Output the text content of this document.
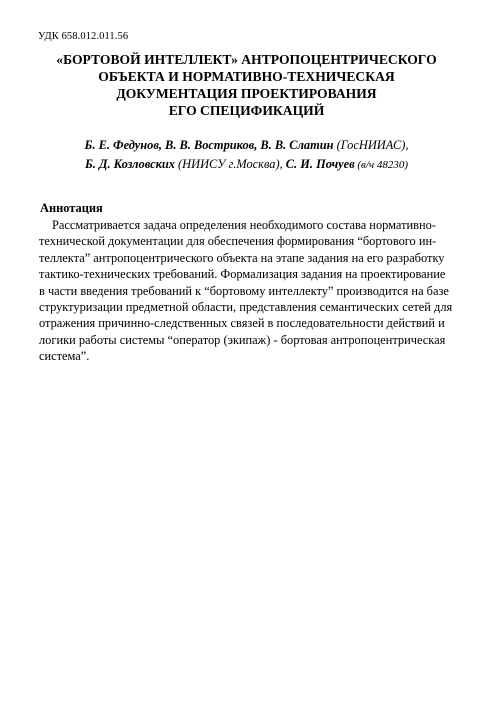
УДК 658.012.011.56
«БОРТОВОЙ ИНТЕЛЛЕКТ» АНТРОПОЦЕНТРИЧЕСКОГО
ОБЪЕКТА И НОРМАТИВНО-ТЕХНИЧЕСКАЯ
ДОКУМЕНТАЦИЯ ПРОЕКТИРОВАНИЯ
ЕГО СПЕЦИФИКАЦИЙ
Б. Е. Федунов, В. В. Востриков, В. В. Слатин (ГосНИИАС),
Б. Д. Козловских (НИИСУ г.Москва), С. И. Почуев (в/ч 48230)
Аннотация
Рассматривается задача определения необходимого состава нормативно-
технической документации для обеспечения формирования “бортового ин-
теллекта” антропоцентрического объекта на этапе задания на его разработку
тактико-технических требований. Формализация задания на проектирование
в части введения требований к “бортовому интеллекту” производится на базе
структуризации предметной области, представления семантических сетей для
отражения причинно-следственных связей в последовательности действий и
логики работы системы “оператор (экипаж) - бортовая антропоцентрическая
система”.
